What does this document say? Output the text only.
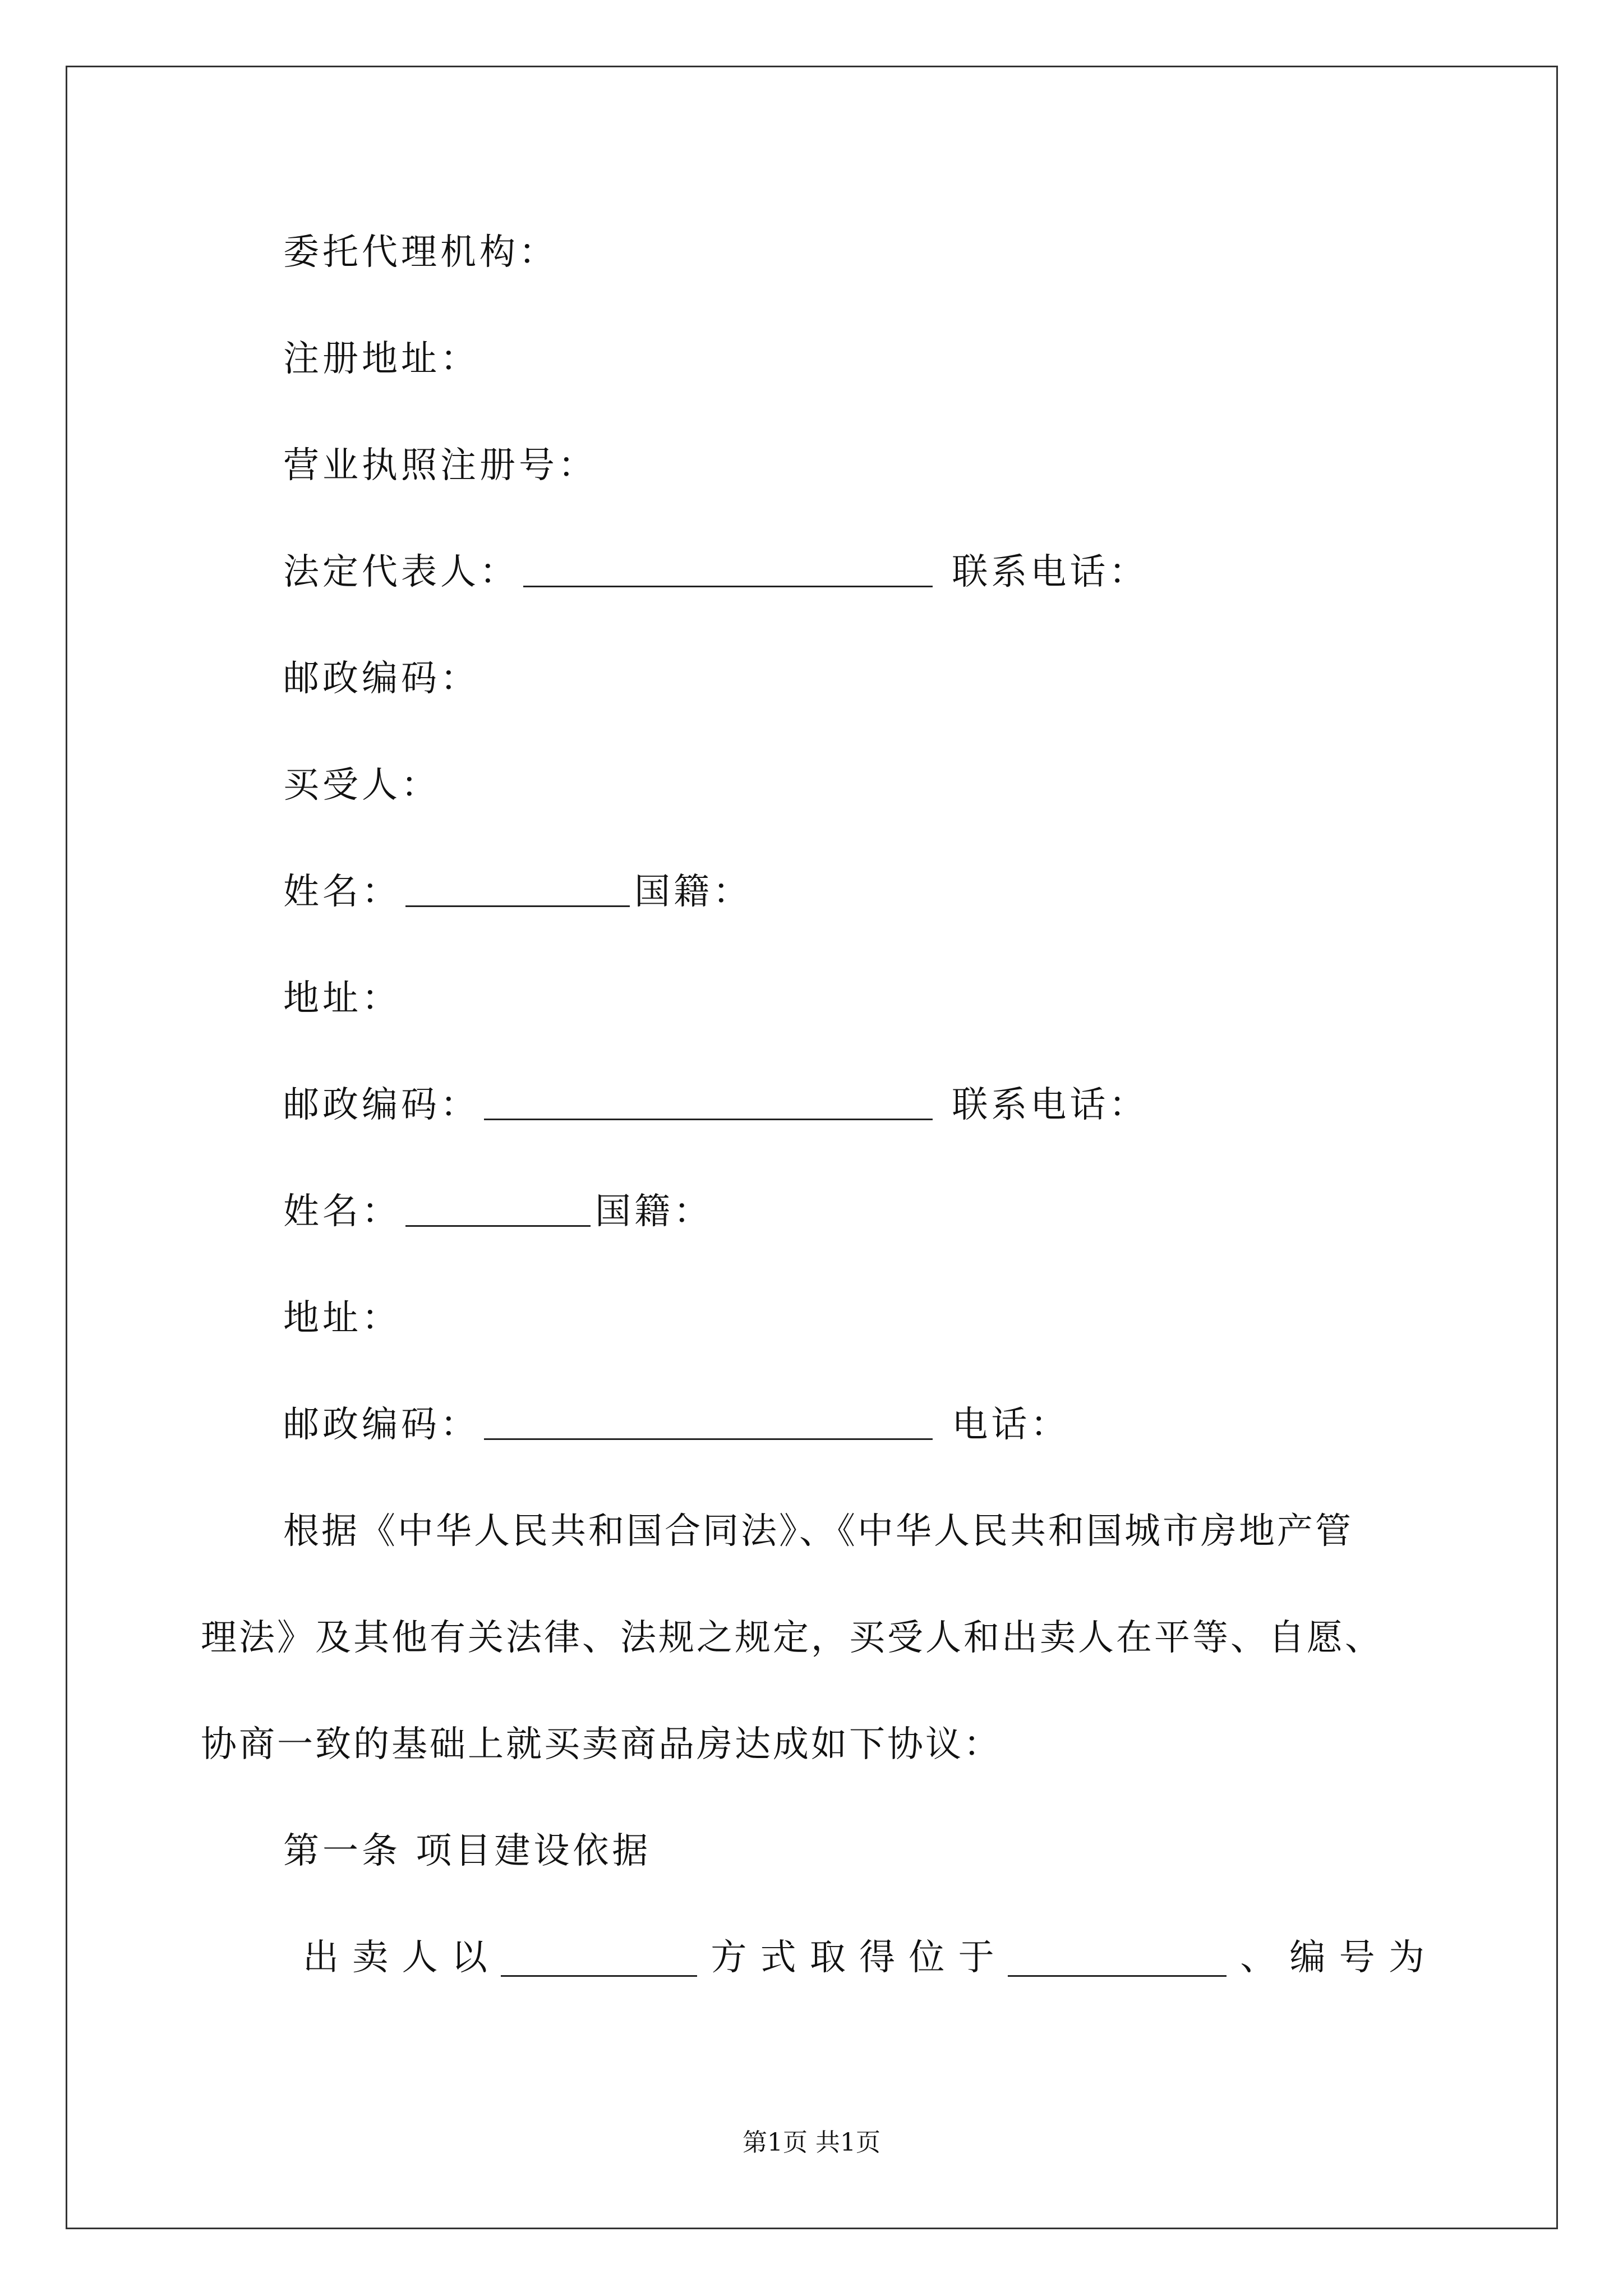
委托代理机构：
注册地址：
营业执照注册号：
法定代表人：	联系电话：
邮政编码：
买受人：
姓名：	国籍：
地址：
邮政编码：	联系电话：
姓名：	国籍：
地址：
邮政编码：	电话：
根据《中华人民共和国合同法》、《中华人民共和国城市房地产管
理法》及其他有关法律、法规之规定，买受人和出卖人在平等、自愿、
协商一致的基础上就买卖商品房达成如下协议：
第一条 项目建设依据
出 卖 人 以	方 式 取 得 位 于	、 编 号 为
第1页 共1页
